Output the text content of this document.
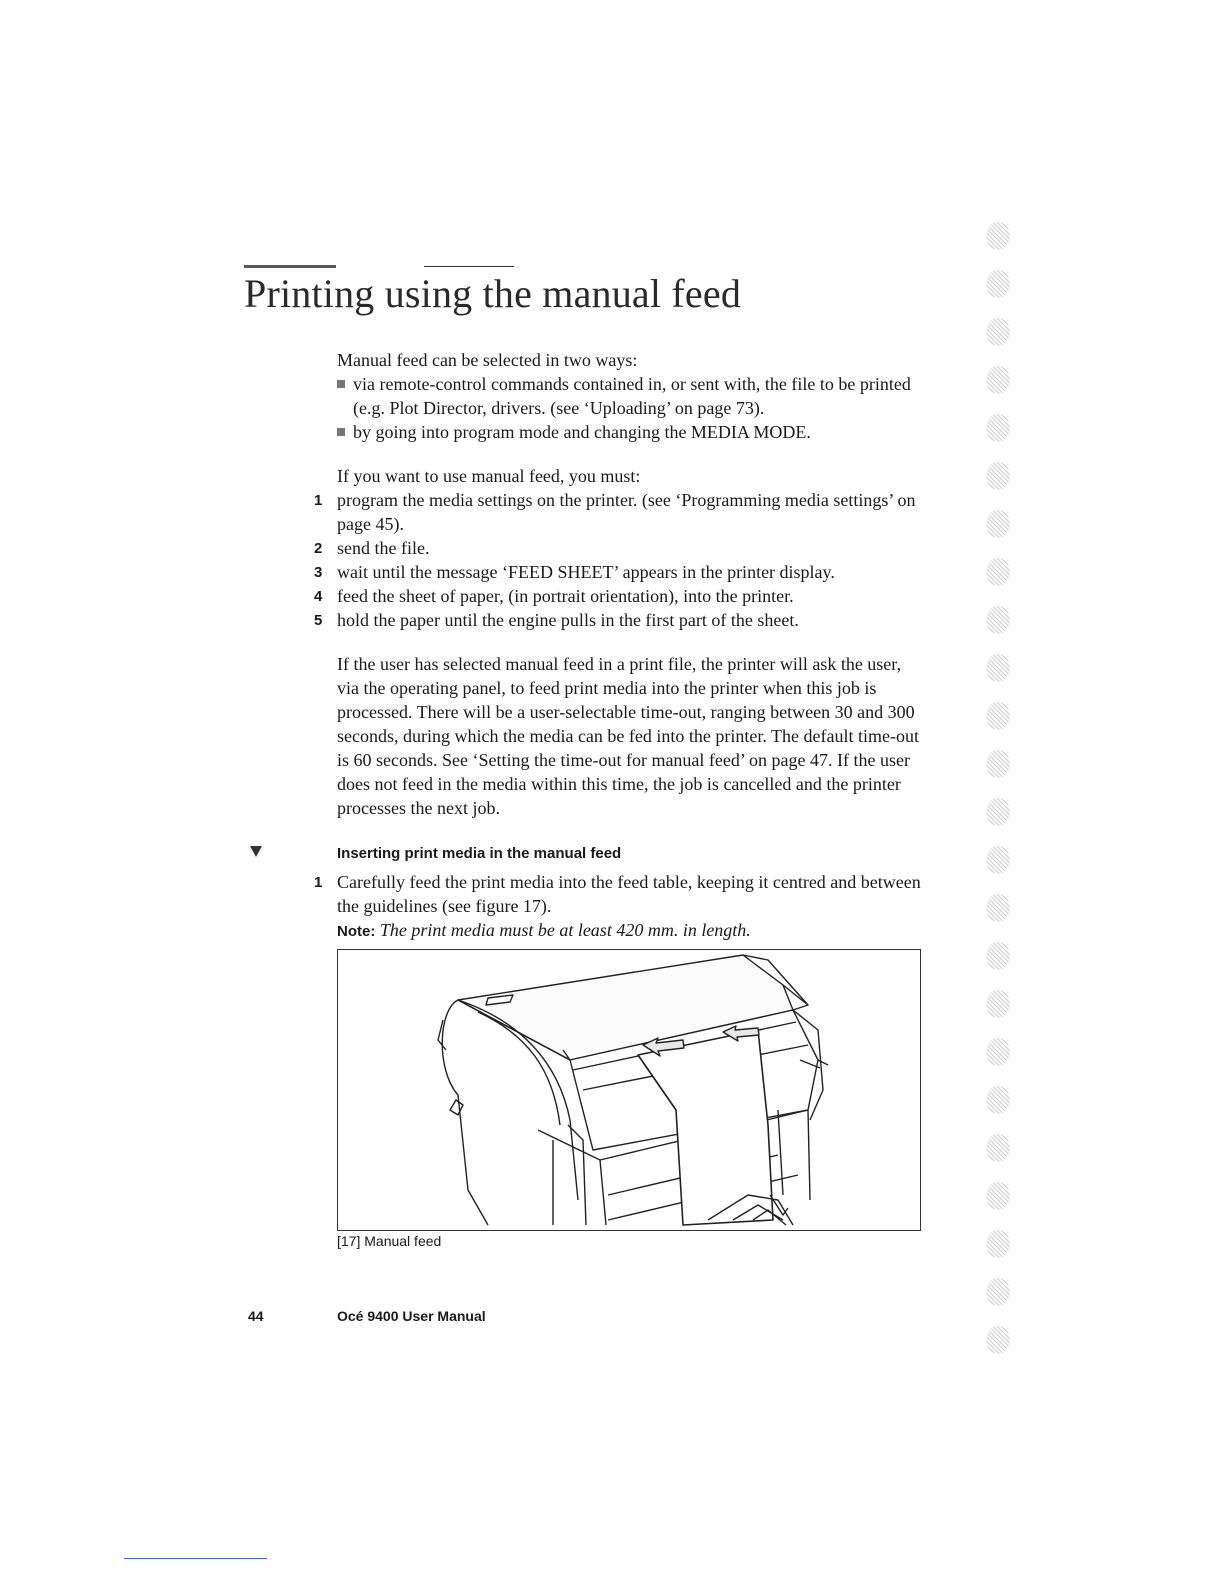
Printing using the manual feed

Manual feed can be selected in two ways:

via remote-control commands contained in, or sent with, the file to be printed (e.g. Plot Director, drivers. (see ‘Uploading’ on page 73).

by going into program mode and changing the MEDIA MODE.

If you want to use manual feed, you must:

1 program the media settings on the printer. (see ‘Programming media settings’ on page 45).

2 send the file.

3 wait until the message ‘FEED SHEET’ appears in the printer display.

4 feed the sheet of paper, (in portrait orientation), into the printer.

5 hold the paper until the engine pulls in the first part of the sheet.

If the user has selected manual feed in a print file, the printer will ask the user, via the operating panel, to feed print media into the printer when this job is processed. There will be a user-selectable time-out, ranging between 30 and 300 seconds, during which the media can be fed into the printer. The default time-out is 60 seconds. See ‘Setting the time-out for manual feed’ on page 47. If the user does not feed in the media within this time, the job is cancelled and the printer processes the next job.

Inserting print media in the manual feed

1 Carefully feed the print media into the feed table, keeping it centred and between the guidelines (see figure 17).

Note: The print media must be at least 420 mm. in length.

[17] Manual feed
44	Océ 9400 User Manual
